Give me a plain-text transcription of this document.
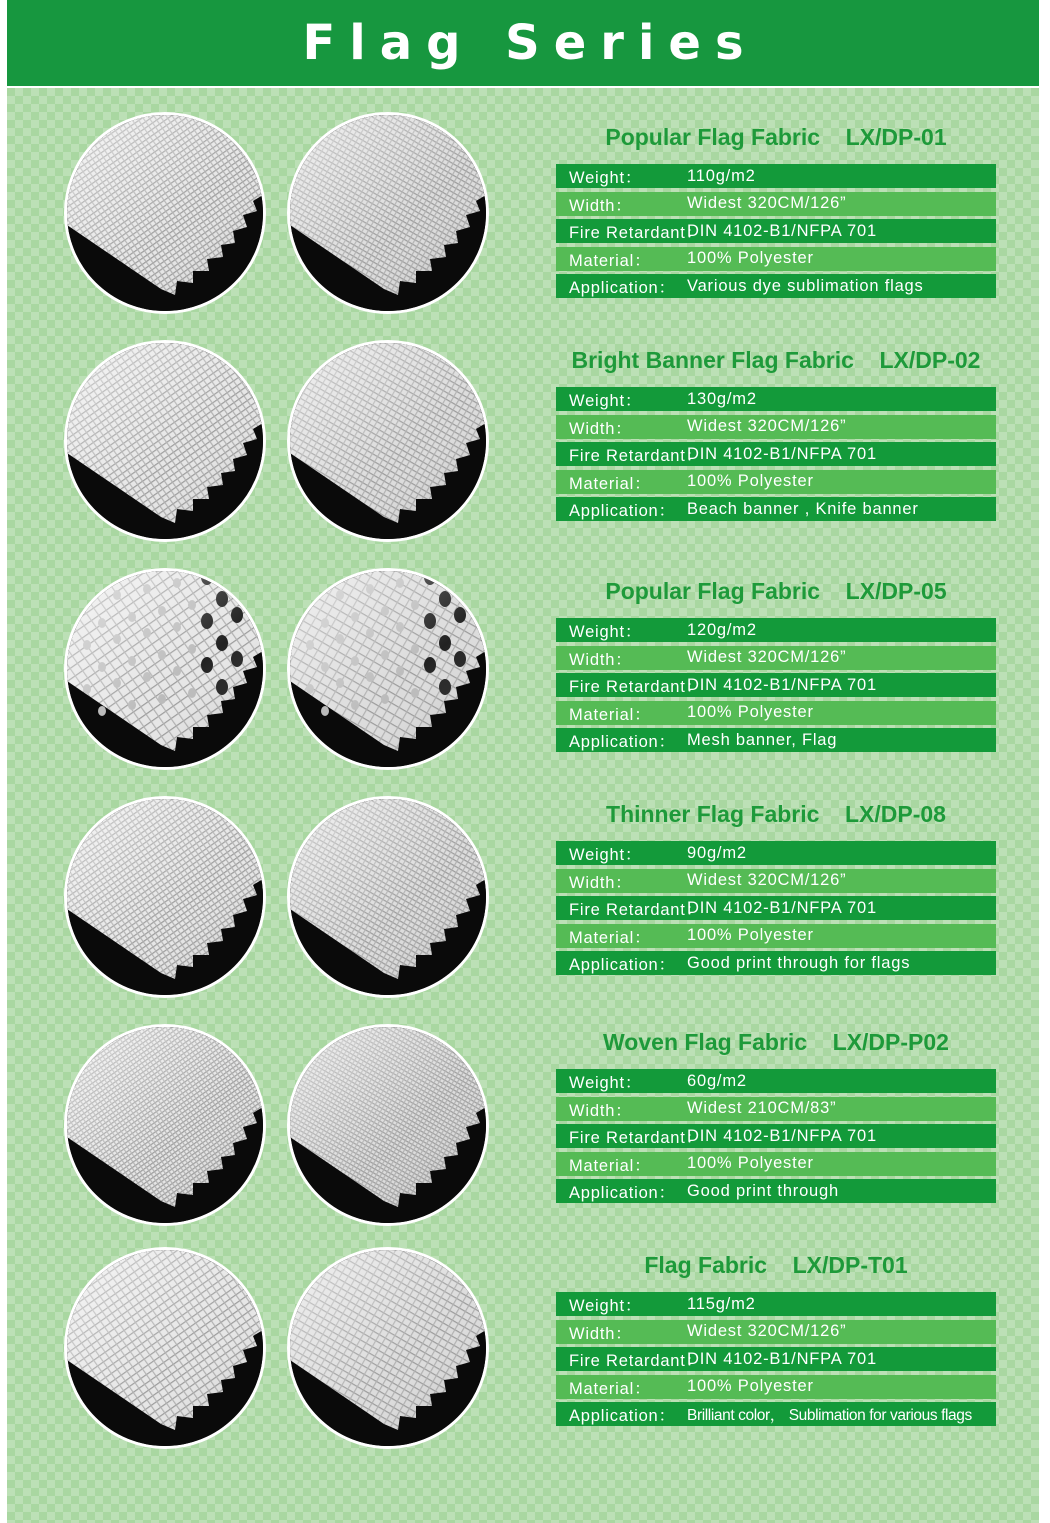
Flag Series
Popular Flag Fabric LX/DP-01
Weight：	110g/m2
Width：	Widest 320CM/126”
Fire Retardant：
DIN 4102-B1/NFPA 701
Material：	100% Polyester
Application： Various dye sublimation flags
Bright Banner Flag Fabric LX/DP-02
Weight：	130g/m2
Width：	Widest 320CM/126”
Fire Retardant：
DIN 4102-B1/NFPA 701
Material：	100% Polyester
Application： Beach banner , Knife banner
Popular Flag Fabric LX/DP-05
Weight：	120g/m2
Width：	Widest 320CM/126”
Fire Retardant：
DIN 4102-B1/NFPA 701
Material：	100% Polyester
Application： Mesh banner, Flag
Thinner Flag Fabric LX/DP-08
Weight：	90g/m2
Width：	Widest 320CM/126”
Fire Retardant：
DIN 4102-B1/NFPA 701
Material：	100% Polyester
Application： Good print through for flags
Woven Flag Fabric LX/DP-P02
Weight：	60g/m2
Width：	Widest 210CM/83”
Fire Retardant：
DIN 4102-B1/NFPA 701
Material：	100% Polyester
Application： Good print through
Flag Fabric LX/DP-T01
Weight：	115g/m2
Width：	Widest 320CM/126”
Fire Retardant：
DIN 4102-B1/NFPA 701
Material：	100% Polyester
Application： Brilliant color， Sublimation for various flags
